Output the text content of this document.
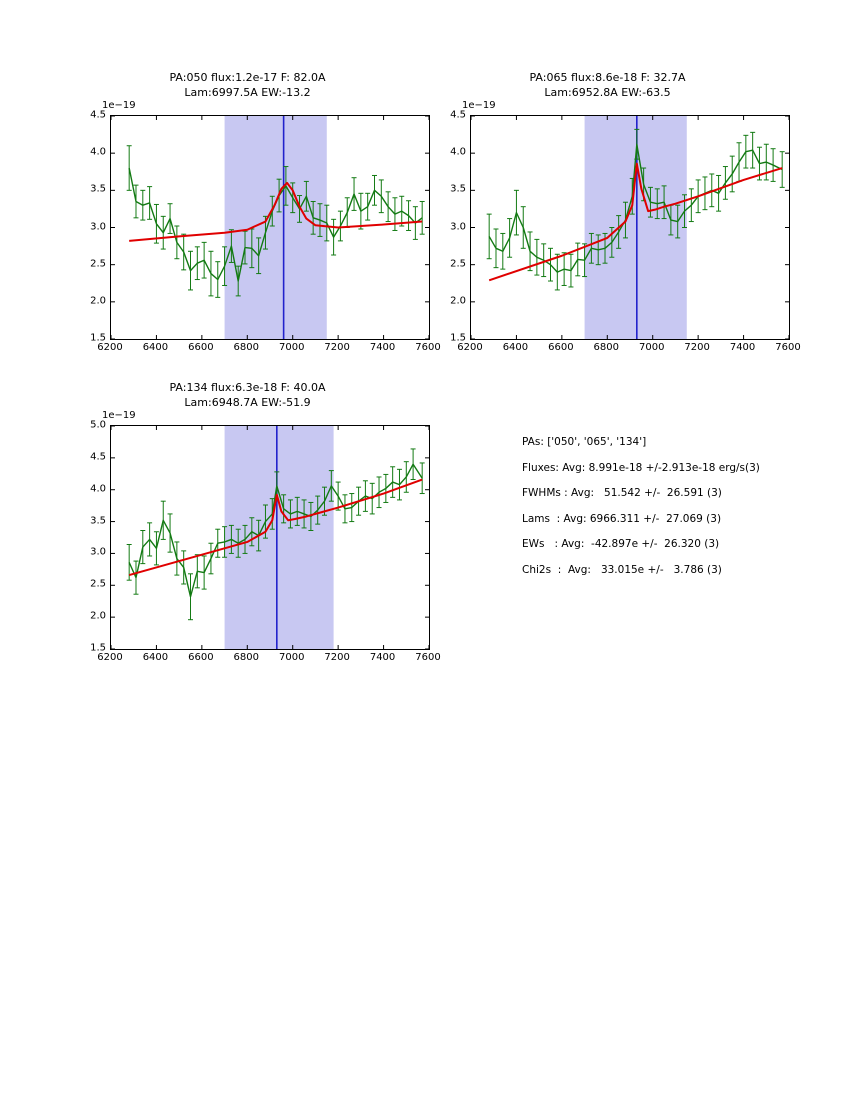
PA:050 flux:1.2e-17 F: 82.0A
Lam:6997.5A EW:-13.2
1e−19
PA:065 flux:8.6e-18 F: 32.7A
Lam:6952.8A EW:-63.5
1e−19
PA:134 flux:6.3e-18 F: 40.0A
Lam:6948.7A EW:-51.9
1e−19
PAs: ['050', '065', '134']
Fluxes: Avg: 8.991e-18 +/-2.913e-18 erg/s(3)
FWHMs : Avg:   51.542 +/-  26.591 (3)
Lams  : Avg: 6966.311 +/-  27.069 (3)
EWs   : Avg:  -42.897e +/-  26.320 (3)
Chi2s  :  Avg:   33.015e +/-   3.786 (3)
6200 6400 6600 6800 7000 7200 7400 7600
1.5
2.0
2.5
3.0
3.5
4.0
4.5
6200 6400 6600 6800 7000 7200 7400 7600
1.5
2.0
2.5
3.0
3.5
4.0
4.5
6200 6400 6600 6800 7000 7200 7400 7600
1.5
2.0
2.5
3.0
3.5
4.0
4.5
5.0
